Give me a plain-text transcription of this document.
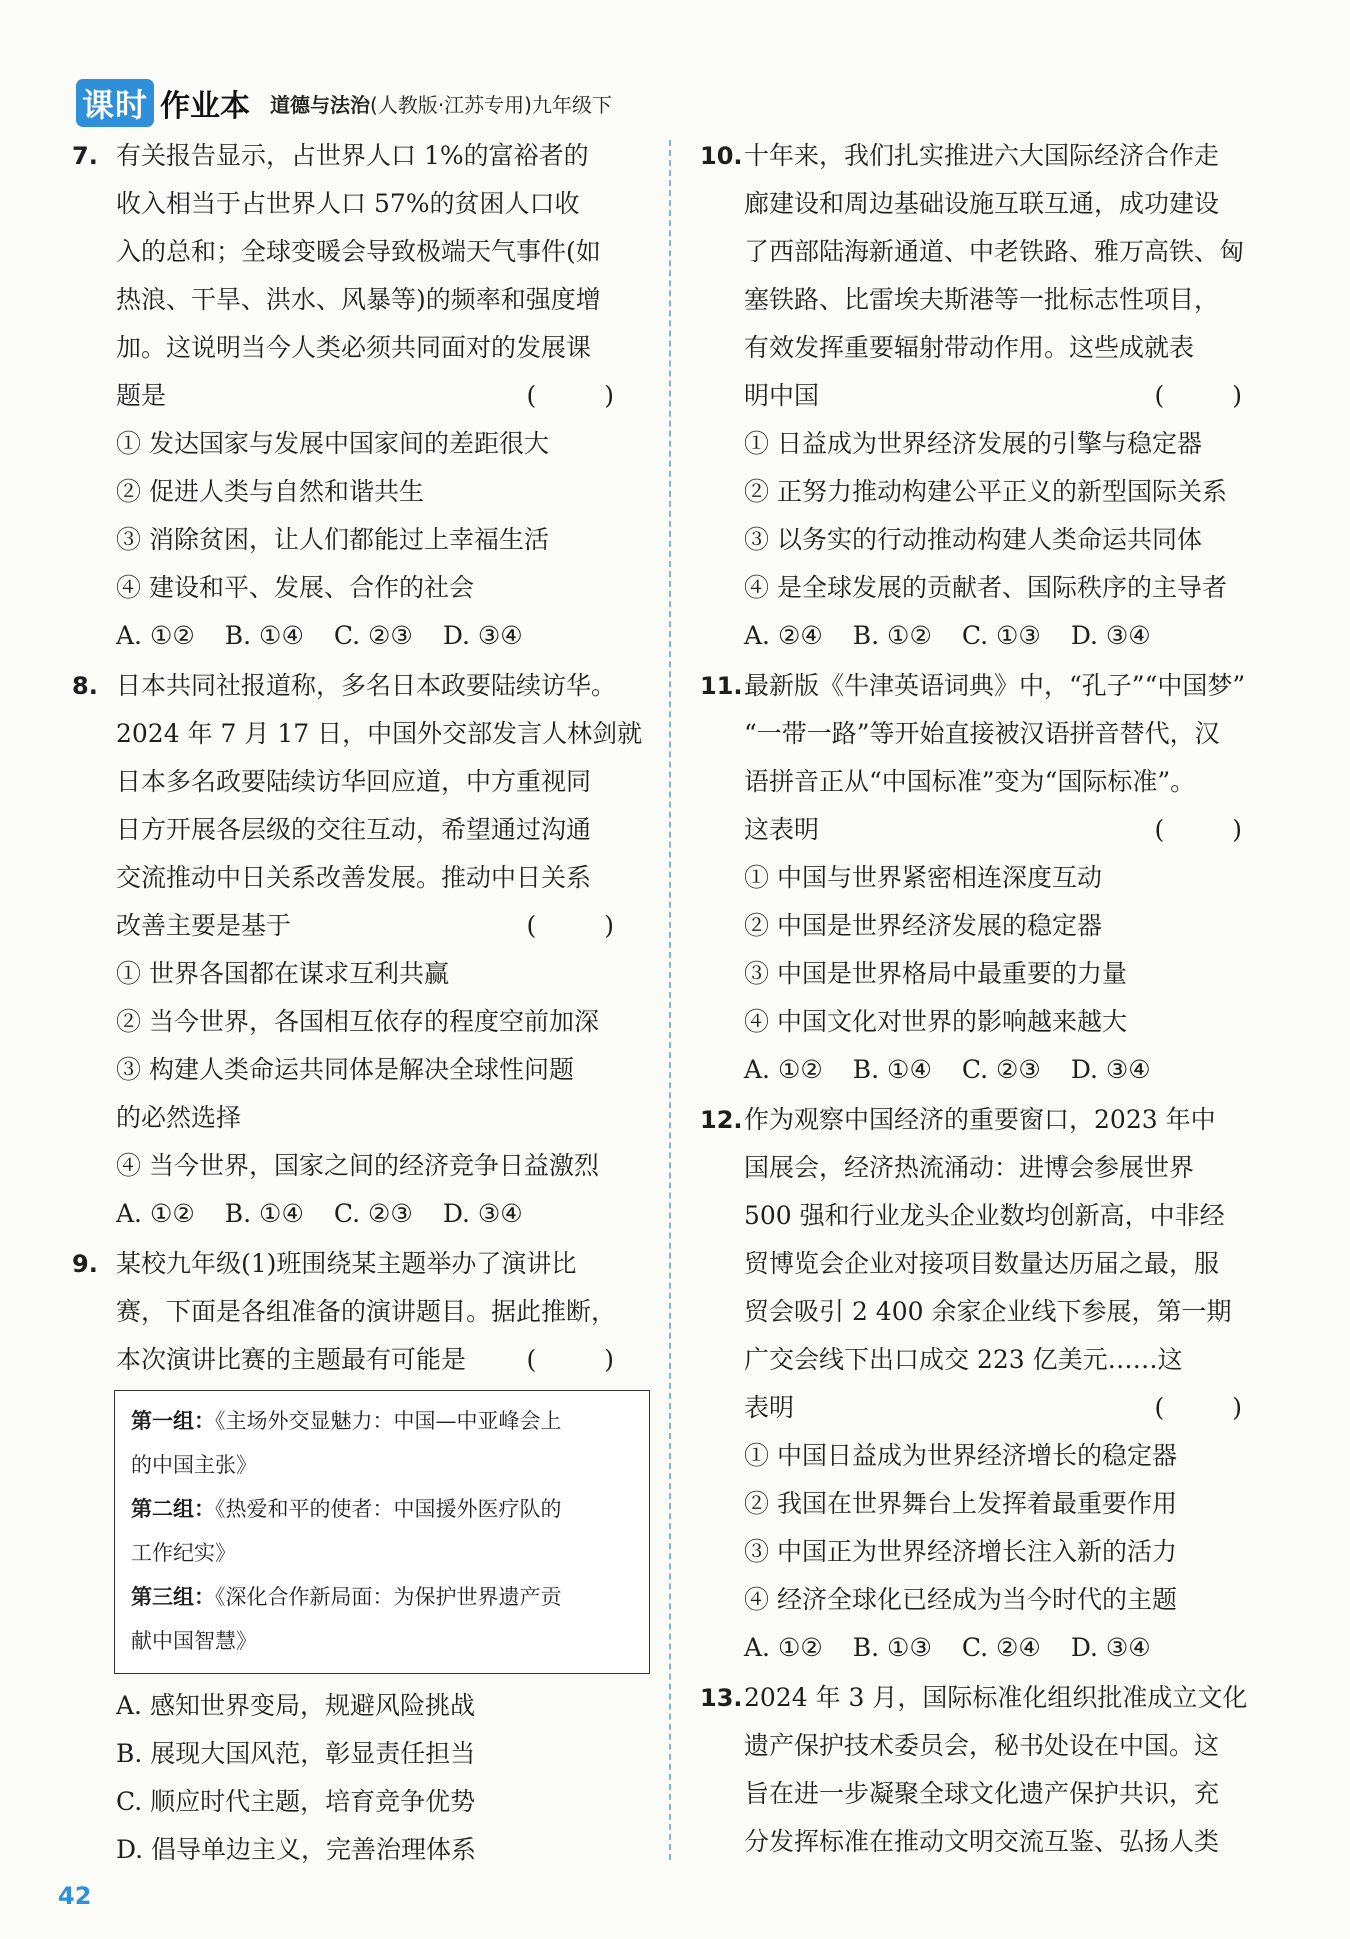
课时 作业本 道德与法治(人教版·江苏专用)九年级下
7. 有关报告显示，占世界人口 1%的富裕者的
收入相当于占世界人口 57%的贫困人口收
入的总和；全球变暖会导致极端天气事件(如
热浪、干旱、洪水、风暴等)的频率和强度增
加。这说明当今人类必须共同面对的发展课
题是	( )
① 发达国家与发展中国家间的差距很大
② 促进人类与自然和谐共生
③ 消除贫困，让人们都能过上幸福生活
④ 建设和平、发展、合作的社会
A. ①② B. ①④ C. ②③ D. ③④
8. 日本共同社报道称，多名日本政要陆续访华。
2024 年 7 月 17 日，中国外交部发言人林剑就
日本多名政要陆续访华回应道，中方重视同
日方开展各层级的交往互动，希望通过沟通
交流推动中日关系改善发展。推动中日关系
改善主要是基于	( )
① 世界各国都在谋求互利共赢
② 当今世界，各国相互依存的程度空前加深
③ 构建人类命运共同体是解决全球性问题
的必然选择
④ 当今世界，国家之间的经济竞争日益激烈
A. ①② B. ①④ C. ②③ D. ③④
9. 某校九年级(1)班围绕某主题举办了演讲比
赛，下面是各组准备的演讲题目。据此推断，
本次演讲比赛的主题最有可能是 ( )
第一组：《主场外交显魅力：中国—中亚峰会上
的中国主张》
第二组：《热爱和平的使者：中国援外医疗队的
工作纪实》
第三组：《深化合作新局面：为保护世界遗产贡
献中国智慧》
A. 感知世界变局，规避风险挑战
B. 展现大国风范，彰显责任担当
C. 顺应时代主题，培育竞争优势
D. 倡导单边主义，完善治理体系
10.十年来，我们扎实推进六大国际经济合作走
廊建设和周边基础设施互联互通，成功建设
了西部陆海新通道、中老铁路、雅万高铁、匈
塞铁路、比雷埃夫斯港等一批标志性项目，
有效发挥重要辐射带动作用。这些成就表
明中国	( )
① 日益成为世界经济发展的引擎与稳定器
② 正努力推动构建公平正义的新型国际关系
③ 以务实的行动推动构建人类命运共同体
④ 是全球发展的贡献者、国际秩序的主导者
A. ②④ B. ①② C. ①③ D. ③④
11.最新版《牛津英语词典》中，“孔子”“中国梦”
“一带一路”等开始直接被汉语拼音替代，汉
语拼音正从“中国标准”变为“国际标准”。
这表明	( )
① 中国与世界紧密相连深度互动
② 中国是世界经济发展的稳定器
③ 中国是世界格局中最重要的力量
④ 中国文化对世界的影响越来越大
A. ①② B. ①④ C. ②③ D. ③④
12.作为观察中国经济的重要窗口，2023 年中
国展会，经济热流涌动：进博会参展世界
500 强和行业龙头企业数均创新高，中非经
贸博览会企业对接项目数量达历届之最，服
贸会吸引 2 400 余家企业线下参展，第一期
广交会线下出口成交 223 亿美元……这
表明	( )
① 中国日益成为世界经济增长的稳定器
② 我国在世界舞台上发挥着最重要作用
③ 中国正为世界经济增长注入新的活力
④ 经济全球化已经成为当今时代的主题
A. ①② B. ①③ C. ②④ D. ③④
13.2024 年 3 月，国际标准化组织批准成立文化
遗产保护技术委员会，秘书处设在中国。这
旨在进一步凝聚全球文化遗产保护共识，充
分发挥标准在推动文明交流互鉴、弘扬人类
42
